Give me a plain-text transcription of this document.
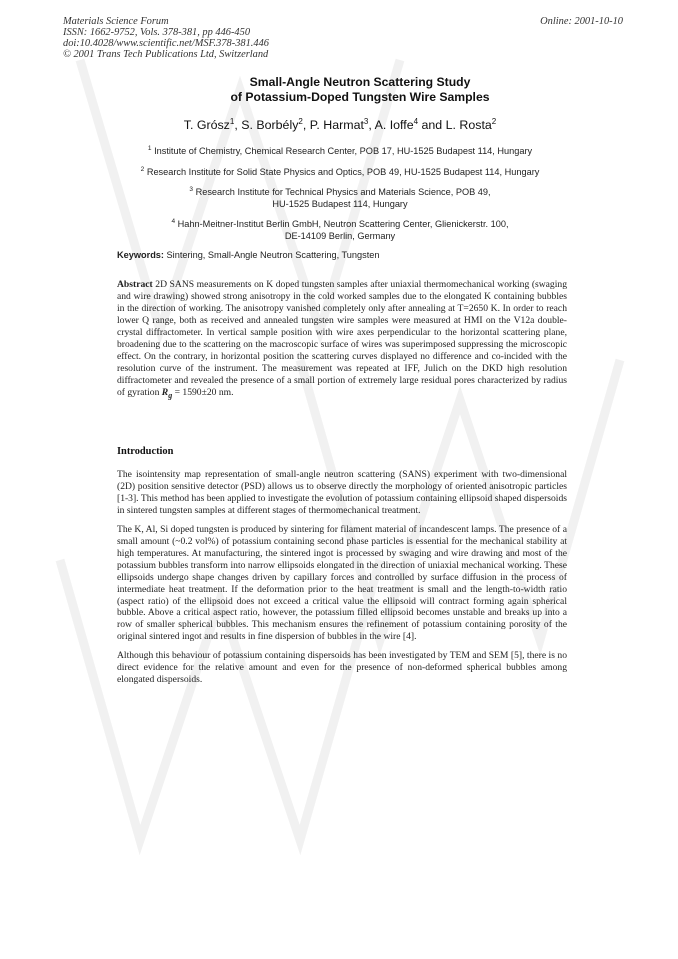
Materials Science Forum
ISSN: 1662-9752, Vols. 378-381, pp 446-450
doi:10.4028/www.scientific.net/MSF.378-381.446
© 2001 Trans Tech Publications Ltd, Switzerland
Online: 2001-10-10
Small-Angle Neutron Scattering Study
of Potassium-Doped Tungsten Wire Samples
T. Grósz$^1$, S. Borbély$^2$, P. Harmat$^3$, A. Ioffe$^4$ and L. Rosta$^2$
$^1$ Institute of Chemistry, Chemical Research Center, POB 17, HU-1525 Budapest 114, Hungary
$^2$ Research Institute for Solid State Physics and Optics, POB 49, HU-1525 Budapest 114, Hungary
$^3$ Research Institute for Technical Physics and Materials Science, POB 49,
HU-1525 Budapest 114, Hungary
$^4$ Hahn-Meitner-Institut Berlin GmbH, Neutron Scattering Center, Glienickerstr. 100,
DE-14109 Berlin, Germany
Keywords: Sintering, Small-Angle Neutron Scattering, Tungsten

Abstract 2D SANS measurements on K doped tungsten samples after uniaxial thermomechanical working (swaging and wire drawing) showed strong anisotropy in the cold worked samples due to the elongated K containing bubbles in the direction of working. The anisotropy vanished completely only after annealing at T=2650 K. In order to reach lower Q range, both as received and annealed tungsten wire samples were measured at HMI on the V12a double-crystal diffractometer. In vertical sample position with wire axes perpendicular to the horizontal scattering plane, broadening due to the scattering on the macroscopic surface of wires was superimposed suppressing the microscopic effect. On the contrary, in horizontal position the scattering curves displayed no difference and co-incided with the resolution curve of the instrument. The measurement was repeated at IFF, Julich on the DKD high resolution diffractometer and revealed the presence of a small portion of extremely large residual pores characterized by radius of gyration $R_g = 1590\pm 20$ nm.

Introduction

The isointensity map representation of small-angle neutron scattering (SANS) experiment with two-dimensional (2D) position sensitive detector (PSD) allows us to observe directly the morphology of oriented anisotropic particles [1-3]. This method has been applied to investigate the evolution of potassium containing ellipsoid shaped dispersoids in sintered tungsten samples at different stages of thermomechanical treatment.

The K, Al, Si doped tungsten is produced by sintering for filament material of incandescent lamps. The presence of a small amount (~0.2 vol%) of potassium containing second phase particles is essential for the mechanical stability at high temperatures. At manufacturing, the sintered ingot is processed by swaging and wire drawing and most of the potassium bubbles transform into narrow ellipsoids elongated in the direction of uniaxial mechanical working. These ellipsoids undergo shape changes driven by capillary forces and controlled by surface diffusion in the process of intermediate heat treatment. If the deformation prior to the heat treatment is small and the length-to-width ratio (aspect ratio) of the ellipsoid does not exceed a critical value the ellipsoid will contract forming again spherical bubble. Above a critical aspect ratio, however, the potassium filled ellipsoid becomes unstable and breaks up into a row of smaller spherical bubbles. This mechanism ensures the refinement of potassium containing porosity of the original sintered ingot and results in fine dispersion of bubbles in the wire [4].

Although this behaviour of potassium containing dispersoids has been investigated by TEM and SEM [5], there is no direct evidence for the relative amount and even for the presence of non-deformed spherical bubbles among elongated dispersoids.
